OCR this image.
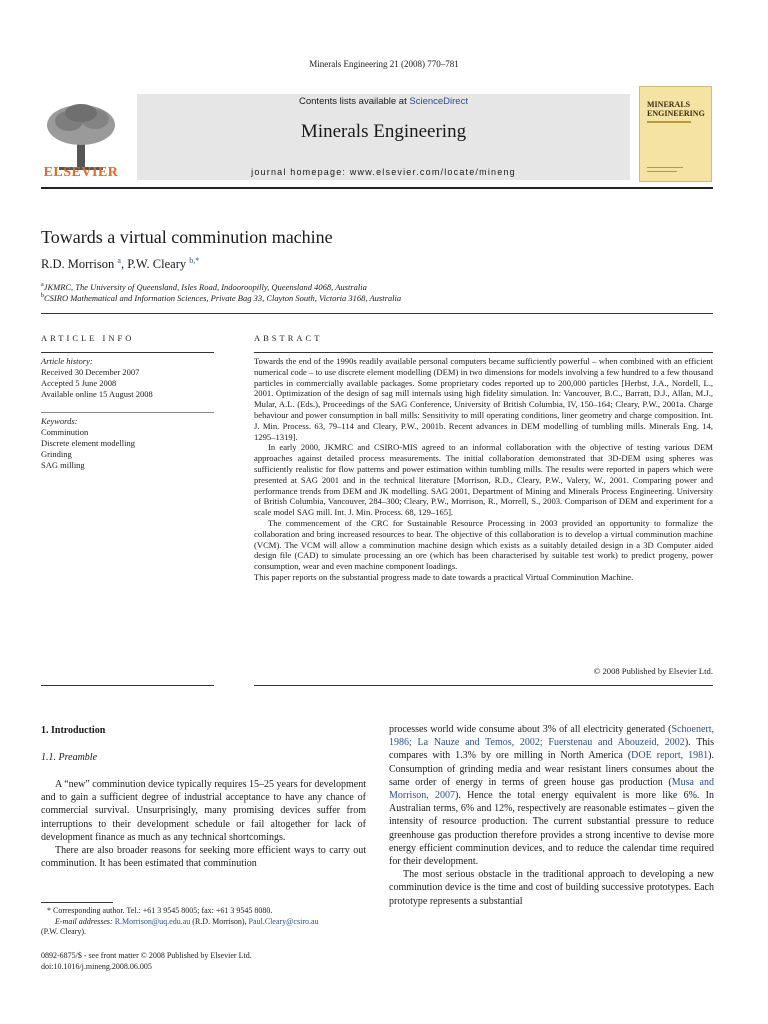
Minerals Engineering 21 (2008) 770–781
ELSEVIER
Contents lists available at ScienceDirect
Minerals Engineering
journal homepage: www.elsevier.com/locate/mineng
MINERALS
ENGINEERING
Towards a virtual comminution machine
R.D. Morrison $^a$, P.W. Cleary $^{b,*}$
$^a$JKMRC, The University of Queensland, Isles Road, Indooroopilly, Queensland 4068, Australia
$^b$CSIRO Mathematical and Information Sciences, Private Bag 33, Clayton South, Victoria 3168, Australia
ARTICLE INFO
Article history:
Received 30 December 2007
Accepted 5 June 2008
Available online 15 August 2008
Keywords:
Comminution
Discrete element modelling
Grinding
SAG milling
ABSTRACT

Towards the end of the 1990s readily available personal computers became sufficiently powerful – when combined with an efficient numerical code – to use discrete element modelling (DEM) in two dimensions for models involving a few hundred to a few thousand particles in commercially available packages. Some proprietary codes reported up to 200,000 particles [Herbst, J.A., Nordell, L., 2001. Optimization of the design of sag mill internals using high fidelity simulation. In: Vancouver, B.C., Barratt, D.J., Allan, M.J., Mular, A.L. (Eds.), Proceedings of the SAG Conference, University of British Columbia, IV, 150–164; Cleary, P.W., 2001a. Charge behaviour and power consumption in ball mills: Sensitivity to mill operating conditions, liner geometry and charge composition. Int. J. Min. Process. 63, 79–114 and Cleary, P.W., 2001b. Recent advances in DEM modelling of tumbling mills. Minerals Eng. 14, 1295–1319].

In early 2000, JKMRC and CSIRO-MIS agreed to an informal collaboration with the objective of testing various DEM approaches against detailed process measurements. The initial collaboration demonstrated that 3D-DEM using spheres was sufficiently realistic for flow patterns and power estimation within tumbling mills. The results were reported in papers which were presented at SAG 2001 and in the technical literature [Morrison, R.D., Cleary, P.W., Valery, W., 2001. Comparing power and performance trends from DEM and JK modelling. SAG 2001, Department of Mining and Minerals Process Engineering. University of British Columbia, Vancouver, 284–300; Cleary, P.W., Morrison, R., Morrell, S., 2003. Comparison of DEM and experiment for a scale model SAG mill. Int. J. Min. Process. 68, 129–165].

The commencement of the CRC for Sustainable Resource Processing in 2003 provided an opportunity to formalize the collaboration and bring increased resources to bear. The objective of this collaboration is to develop a virtual comminution machine (VCM). The VCM will allow a comminution machine design which exists as a suitably detailed design in a 3D Computer aided design file (CAD) to simulate processing an ore (which has been characterised by suitable test work) to predict progeny, power consumption, wear and even machine component loadings.

This paper reports on the substantial progress made to date towards a practical Virtual Comminution Machine.

© 2008 Published by Elsevier Ltd.
1. Introduction
1.1. Preamble

A “new” comminution device typically requires 15–25 years for development and to gain a sufficient degree of industrial acceptance to have any chance of commercial survival. Unsurprisingly, many promising devices suffer from interruptions to their development schedule or fail altogether for lack of development finance as much as any technical shortcomings.

There are also broader reasons for seeking more efficient ways to carry out comminution. It has been estimated that comminution

* Corresponding author. Tel.: +61 3 9545 8005; fax: +61 3 9545 8080.
E-mail addresses: R.Morrison@uq.edu.au (R.D. Morrison), Paul.Cleary@csiro.au
(P.W. Cleary).
0892-6875/$ - see front matter © 2008 Published by Elsevier Ltd.
doi:10.1016/j.mineng.2008.06.005

processes world wide consume about 3% of all electricity generated (Schoenert, 1986; La Nauze and Temos, 2002; Fuerstenau and Abouzeid, 2002). This compares with 1.3% by ore milling in North America (DOE report, 1981). Consumption of grinding media and wear resistant liners consumes about the same order of energy in terms of green house gas production (Musa and Morrison, 2007). Hence the total energy equivalent is more like 6%. In Australian terms, 6% and 12%, respectively are reasonable estimates – given the intensity of resource production. The current substantial pressure to reduce greenhouse gas production therefore provides a strong incentive to devise more energy efficient comminution devices, and to reduce the calendar time required for their development.

The most serious obstacle in the traditional approach to developing a new comminution device is the time and cost of building successive prototypes. Each prototype represents a substantial
